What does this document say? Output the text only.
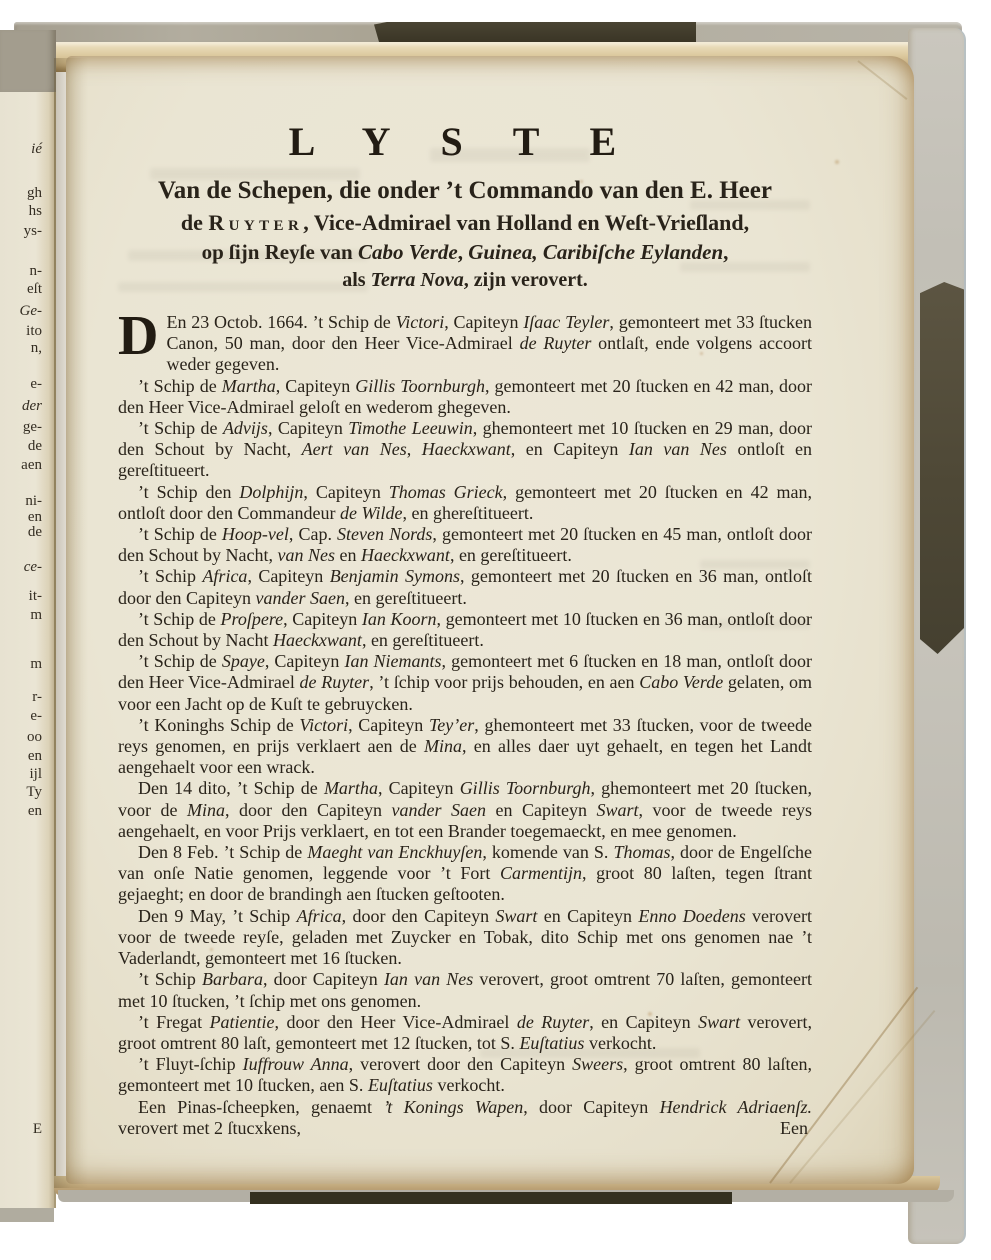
ié
gh
hs
ys-
n-
eſt
Ge-
ito
n,
e-
der
ge-
de
aen
ni-
en
de
ce-
it-
m
m
r-
e-
oo
en
ijl
Ty
en
E
LYSTE
Van de Schepen, die onder ’t Commando van den E. Heer
de Ruyter, Vice-Admirael van Holland en Weſt-Vrieſland,
op ſijn Reyſe van Cabo Verde, Guinea, Caribiſche Eylanden,
als Terra Nova, zijn verovert.

D En 23 Octob. 1664. ’t Schip de Victori, Capiteyn Iſaac Teyler, gemonteert met 33 ſtucken Canon, 50 man, door den Heer Vice-Admirael de Ruyter ontlaſt, ende volgens accoort weder gegeven.

’t Schip de Martha, Capiteyn Gillis Toornburgh, gemonteert met 20 ſtucken en 42 man, door den Heer Vice-Admirael geloſt en wederom ghegeven.

’t Schip de Advijs, Capiteyn Timothe Leeuwin, ghemonteert met 10 ſtucken en 29 man, door den Schout by Nacht, Aert van Nes, Haeckxwant, en Capiteyn Ian van Nes ontloſt en gereſtitueert.

’t Schip den Dolphijn, Capiteyn Thomas Grieck, gemonteert met 20 ſtucken en 42 man, ontloſt door den Commandeur de Wilde, en ghereſtitueert.

’t Schip de Hoop-vel, Cap. Steven Nords, gemonteert met 20 ſtucken en 45 man, ontloſt door den Schout by Nacht, van Nes en Haeckxwant, en gereſtitueert.

’t Schip Africa, Capiteyn Benjamin Symons, gemonteert met 20 ſtucken en 36 man, ontloſt door den Capiteyn vander Saen, en gereſtitueert.

’t Schip de Proſpere, Capiteyn Ian Koorn, gemonteert met 10 ſtucken en 36 man, ontloſt door den Schout by Nacht Haeckxwant, en gereſtitueert.

’t Schip de Spaye, Capiteyn Ian Niemants, gemonteert met 6 ſtucken en 18 man, ontloſt door den Heer Vice-Admirael de Ruyter, ’t ſchip voor prijs behouden, en aen Cabo Verde gelaten, om voor een Jacht op de Kuſt te gebruycken.

’t Koninghs Schip de Victori, Capiteyn Tey’er, ghemonteert met 33 ſtucken, voor de tweede reys genomen, en prijs verklaert aen de Mina, en alles daer uyt gehaelt, en tegen het Landt aengehaelt voor een wrack.

Den 14 dito, ’t Schip de Martha, Capiteyn Gillis Toornburgh, ghemonteert met 20 ſtucken, voor de Mina, door den Capiteyn vander Saen en Capiteyn Swart, voor de tweede reys aengehaelt, en voor Prijs verklaert, en tot een Brander toegemaeckt, en mee genomen.

Den 8 Feb. ’t Schip de Maeght van Enckhuyſen, komende van S. Thomas, door de Engelſche van onſe Natie genomen, leggende voor ’t Fort Carmentijn, groot 80 laſten, tegen ſtrant gejaeght; en door de brandingh aen ſtucken geſtooten.

Den 9 May, ’t Schip Africa, door den Capiteyn Swart en Capiteyn Enno Doedens verovert voor de tweede reyſe, geladen met Zuycker en Tobak, dito Schip met ons genomen nae ’t Vaderlandt, gemonteert met 16 ſtucken.

’t Schip Barbara, door Capiteyn Ian van Nes verovert, groot omtrent 70 laſten, gemonteert met 10 ſtucken, ’t ſchip met ons genomen.

’t Fregat Patientie, door den Heer Vice-Admirael de Ruyter, en Capiteyn Swart verovert, groot omtrent 80 laſt, gemonteert met 12 ſtucken, tot S. Euſtatius verkocht.

’t Fluyt-ſchip Iuffrouw Anna, verovert door den Capiteyn Sweers, groot omtrent 80 laſten, gemonteert met 10 ſtucken, aen S. Euſtatius verkocht.

Een Pinas-ſcheepken, genaemt ’t Konings Wapen, door Capiteyn Hendrick Adriaenſz. verovert met 2 ſtucxkens,	Een
